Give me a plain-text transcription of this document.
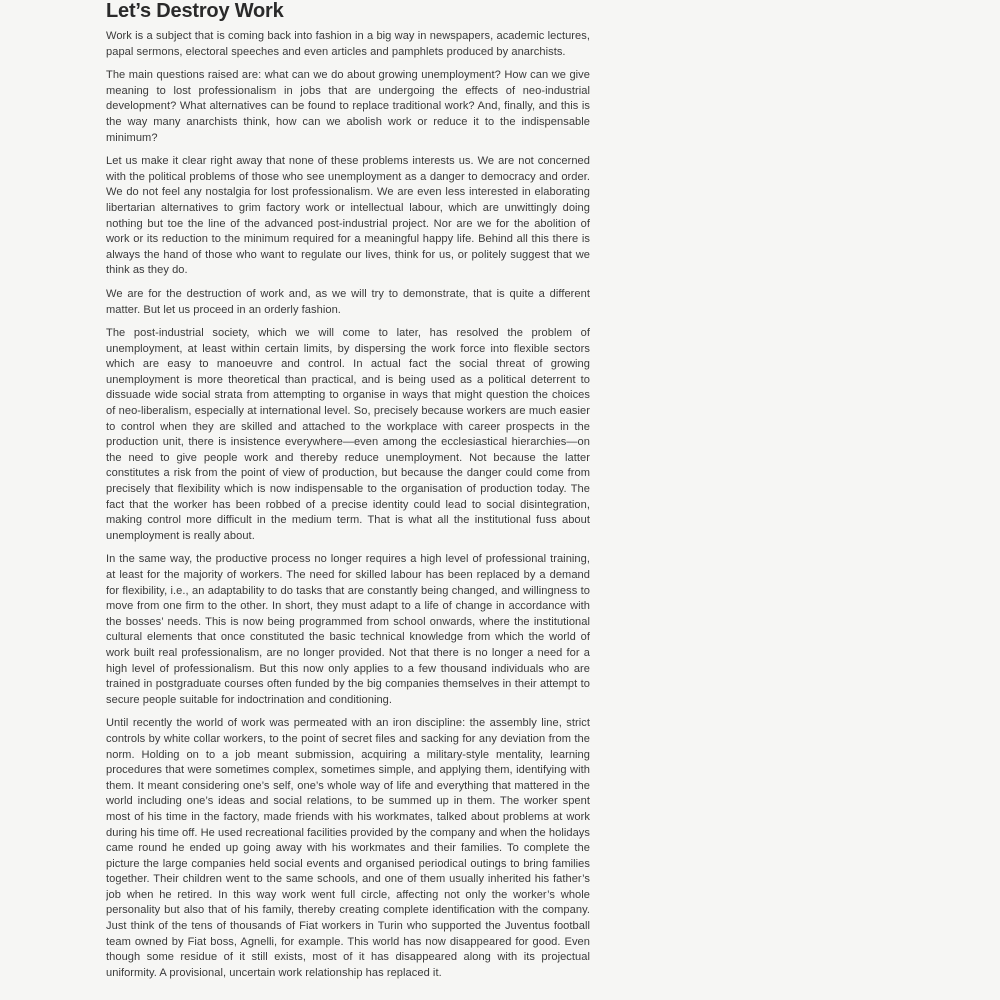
Let’s Destroy Work

Work is a subject that is coming back into fashion in a big way in newspapers, academic lectures, papal sermons, electoral speeches and even articles and pamphlets produced by anarchists.

The main questions raised are: what can we do about growing unemployment? How can we give meaning to lost professionalism in jobs that are undergoing the effects of neo-industrial development? What alternatives can be found to replace traditional work? And, finally, and this is the way many anarchists think, how can we abolish work or reduce it to the indispensable minimum?

Let us make it clear right away that none of these problems interests us. We are not concerned with the political problems of those who see unemployment as a danger to democracy and order. We do not feel any nostalgia for lost professionalism. We are even less interested in elaborating libertarian alternatives to grim factory work or intellectual labour, which are unwittingly doing nothing but toe the line of the advanced post-industrial project. Nor are we for the abolition of work or its reduction to the minimum required for a meaningful happy life. Behind all this there is always the hand of those who want to regulate our lives, think for us, or politely suggest that we think as they do.

We are for the destruction of work and, as we will try to demonstrate, that is quite a different matter. But let us proceed in an orderly fashion.

The post-industrial society, which we will come to later, has resolved the problem of unemployment, at least within certain limits, by dispersing the work force into flexible sectors which are easy to manoeuvre and control. In actual fact the social threat of growing unemployment is more theoretical than practical, and is being used as a political deterrent to dissuade wide social strata from attempting to organise in ways that might question the choices of neo-liberalism, especially at international level. So, precisely because workers are much easier to control when they are skilled and attached to the workplace with career prospects in the production unit, there is insistence everywhere—even among the ecclesiastical hierarchies—on the need to give people work and thereby reduce unemployment. Not because the latter constitutes a risk from the point of view of production, but because the danger could come from precisely that flexibility which is now indispensable to the organisation of production today. The fact that the worker has been robbed of a precise identity could lead to social disintegration, making control more difficult in the medium term. That is what all the institutional fuss about unemployment is really about.

In the same way, the productive process no longer requires a high level of professional training, at least for the majority of workers. The need for skilled labour has been replaced by a demand for flexibility, i.e., an adaptability to do tasks that are constantly being changed, and willingness to move from one firm to the other. In short, they must adapt to a life of change in accordance with the bosses’ needs. This is now being programmed from school onwards, where the institutional cultural elements that once constituted the basic technical knowledge from which the world of work built real professionalism, are no longer provided. Not that there is no longer a need for a high level of professionalism. But this now only applies to a few thousand individuals who are trained in postgraduate courses often funded by the big companies themselves in their attempt to secure people suitable for indoctrination and conditioning.

Until recently the world of work was permeated with an iron discipline: the assembly line, strict controls by white collar workers, to the point of secret files and sacking for any deviation from the norm. Holding on to a job meant submission, acquiring a military-style mentality, learning procedures that were sometimes complex, sometimes simple, and applying them, identifying with them. It meant considering one’s self, one’s whole way of life and everything that mattered in the world including one’s ideas and social relations, to be summed up in them. The worker spent most of his time in the factory, made friends with his workmates, talked about problems at work during his time off. He used recreational facilities provided by the company and when the holidays came round he ended up going away with his workmates and their families. To complete the picture the large companies held social events and organised periodical outings to bring families together. Their children went to the same schools, and one of them usually inherited his father’s job when he retired. In this way work went full circle, affecting not only the worker’s whole personality but also that of his family, thereby creating complete identification with the company. Just think of the tens of thousands of Fiat workers in Turin who supported the Juventus football team owned by Fiat boss, Agnelli, for example. This world has now disappeared for good. Even though some residue of it still exists, most of it has disappeared along with its projectual uniformity. A provisional, uncertain work relationship has replaced it.
